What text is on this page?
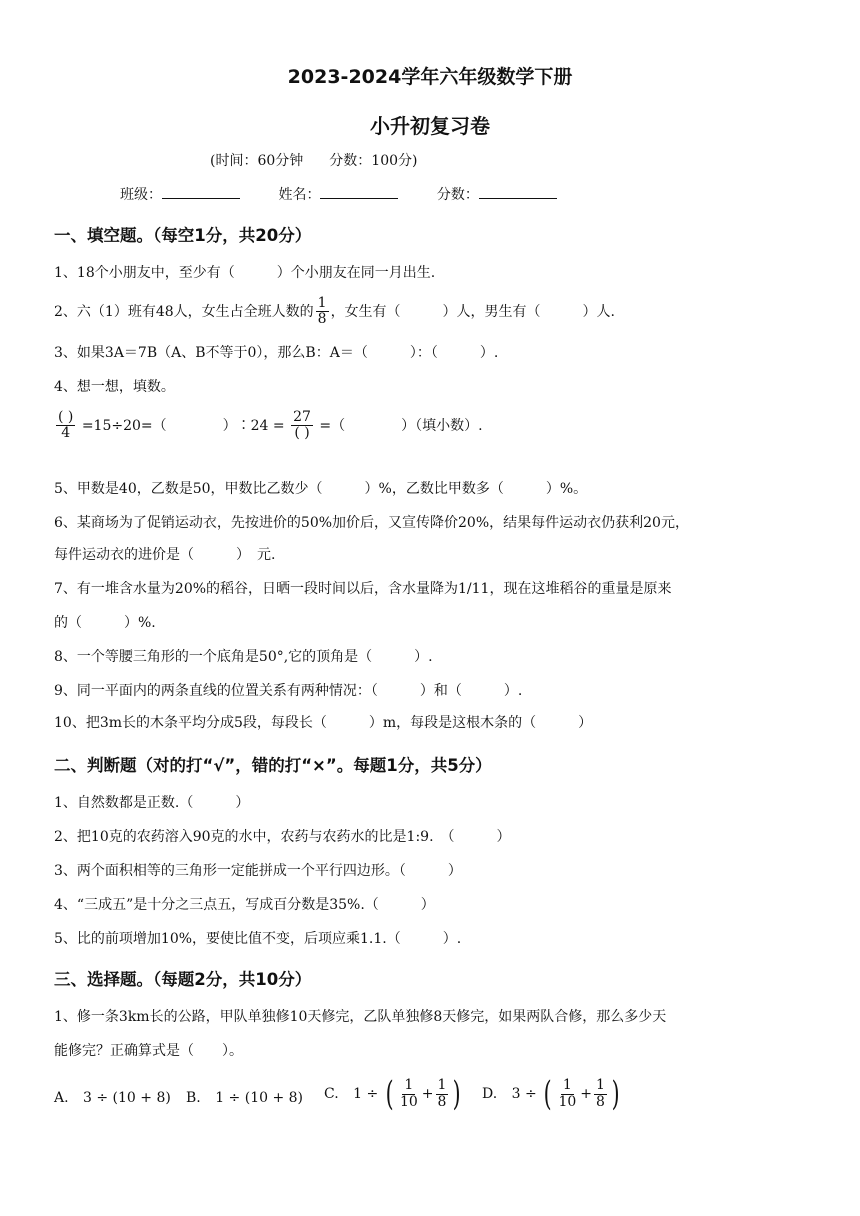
2023-2024学年六年级数学下册
小升初复习卷
(时间：60分钟 分数：100分)
班级：	姓名：	分数：
一、填空题。（每空1分，共20分）
1、18个小朋友中，至少有（　　　）个小朋友在同一月出生.
2、六（1）班有48人，女生占全班人数的 $\frac{1}{8}$ ，女生有（　　　）人，男生有（　　　）人.
3、如果3A＝7B（A、B不等于0），那么B：A＝（　　　）：（　　　）.
4、想一想，填数。
$\frac{( )}{4} =15\div 20=$（　　　　）∶24 = $\frac{27}{( )}$ =（　　　　）（填小数）.
5、甲数是40，乙数是50，甲数比乙数少（　　　）%，乙数比甲数多（　　　）%。
6、某商场为了促销运动衣，先按进价的50%加价后，又宣传降价20%，结果每件运动衣仍获利20元，
每件运动衣的进价是（　　　）　元.
7、有一堆含水量为20%的稻谷，日晒一段时间以后，含水量降为1/11，现在这堆稻谷的重量是原来
的（　　　）%.
8、一个等腰三角形的一个底角是50°,它的顶角是（　　　）.
9、同一平面内的两条直线的位置关系有两种情况：（　　　）和（　　　）.
10、把3m长的木条平均分成5段，每段长（　　　）m，每段是这根木条的（　　　）
二、判断题（对的打“√”，错的打“×”。每题1分，共5分）
1、自然数都是正数.（　　　）
2、把10克的农药溶入90克的水中，农药与农药水的比是1:9.　（　　　）
3、两个面积相等的三角形一定能拼成一个平行四边形。（　　　）
4、“三成五”是十分之三点五，写成百分数是35%.（　　　）
5、比的前项增加10%，要使比值不变，后项应乘1.1.（　　　）.
三、选择题。（每题2分，共10分）
1、修一条3km长的公路，甲队单独修10天修完，乙队单独修8天修完，如果两队合修，那么多少天
能修完？正确算式是（　　）。
A. 3 ÷ (10 + 8) B. 1 ÷ (10 + 8) C. 1 ÷ ( $\frac{1}{10} + \frac{1}{8}$ ) D. 3 ÷ ( $\frac{1}{10} + \frac{1}{8}$ )
